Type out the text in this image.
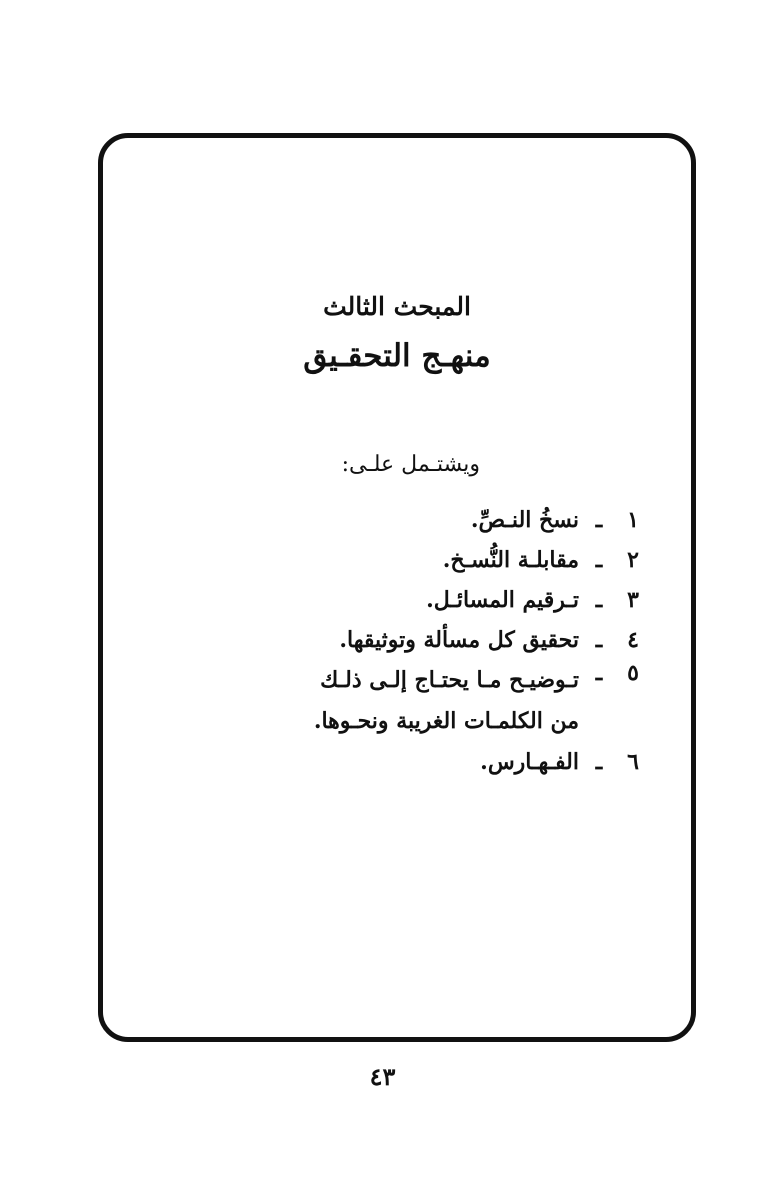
المبحث الثالث
منهـج التحقـيق
ويشتـمل علـى:
١
ـ
نسخُ النـصِّ.
٢
ـ
مقابلـة النُّسـخ.
٣
ـ
تـرقيم المسائـل.
٤
ـ
تحقيق كل مسألة وتوثيقها.
٥
ـ
تـوضيـح مـا يحتـاج إلـى ذلـك من الكلمـات الغريبة ونحـوها.
٦
ـ
الفـهـارس.
٤٣
